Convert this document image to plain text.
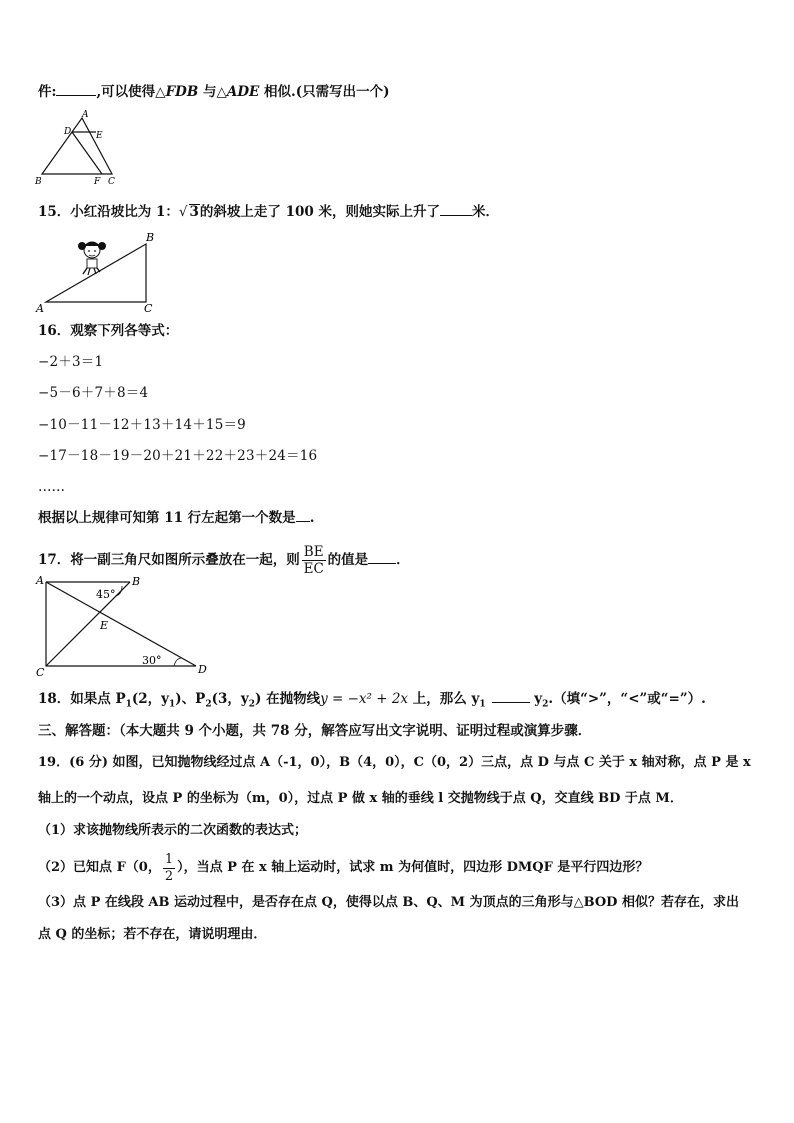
件:	,可以使得△FDB 与△ADE 相似.(只需写出一个)
A
D	E
B	F C
15．小红沿坡比为 1：√ 3的斜坡上走了 100 米，则她实际上升了 米．
B
A	C
16．观察下列各等式：
−2＋3＝1
−5－6＋7＋8＝4
−10－11－12＋13＋14＋15＝9
−17－18－19－20＋21＋22＋23＋24＝16
……
根据以上规律可知第 11 行左起第一个数是 .
17．将一副三角尺如图所示叠放在一起，则 $\frac{BE}{EC}$ 的值是 ．
A	B
C	D
E
45°
30°
18．如果点 $P_1(2$，$y_1$)、$P_2(3$，$y_2$) 在抛物线y = −x² + 2x 上，那么 $y_1$	$y_2$.（填“>”，“<”或“=”）.
三、解答题：（本大题共 9 个小题，共 78 分，解答应写出文字说明、证明过程或演算步骤．
19．(6 分) 如图，已知抛物线经过点 A（-1，0），B（4，0），C（0，2）三点，点 D 与点 C 关于 x 轴对称，点 P 是 x
轴上的一个动点，设点 P 的坐标为（m，0），过点 P 做 x 轴的垂线 l 交抛物线于点 Q，交直线 BD 于点 M．
（1）求该抛物线所表示的二次函数的表达式；
（2）已知点 F（0， $\frac{1}{2}$ ），当点 P 在 x 轴上运动时，试求 m 为何值时，四边形 DMQF 是平行四边形？
（3）点 P 在线段 AB 运动过程中，是否存在点 Q，使得以点 B、Q、M 为顶点的三角形与△BOD 相似？若存在，求出
点 Q 的坐标；若不存在，请说明理由．
